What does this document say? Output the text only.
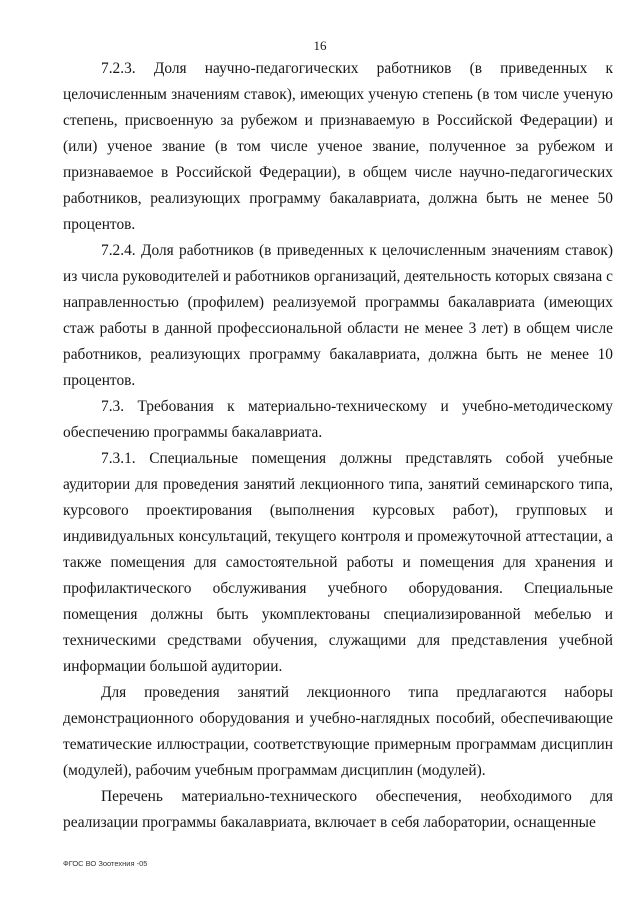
16

7.2.3. Доля научно-педагогических работников (в приведенных к целочисленным значениям ставок), имеющих ученую степень (в том числе ученую степень, присвоенную за рубежом и признаваемую в Российской Федерации) и (или) ученое звание (в том числе ученое звание, полученное за рубежом и признаваемое в Российской Федерации), в общем числе научно-педагогических работников, реализующих программу бакалавриата, должна быть не менее 50 процентов.

7.2.4. Доля работников (в приведенных к целочисленным значениям ставок) из числа руководителей и работников организаций, деятельность которых связана с направленностью (профилем) реализуемой программы бакалавриата (имеющих стаж работы в данной профессиональной области не менее 3 лет) в общем числе работников, реализующих программу бакалавриата, должна быть не менее 10 процентов.

7.3. Требования к материально-техническому и учебно-методическому обеспечению программы бакалавриата.

7.3.1. Специальные помещения должны представлять собой учебные аудитории для проведения занятий лекционного типа, занятий семинарского типа, курсового проектирования (выполнения курсовых работ), групповых и индивидуальных консультаций, текущего контроля и промежуточной аттестации, а также помещения для самостоятельной работы и помещения для хранения и профилактического обслуживания учебного оборудования. Специальные помещения должны быть укомплектованы специализированной мебелью и техническими средствами обучения, служащими для представления учебной информации большой аудитории.

Для проведения занятий лекционного типа предлагаются наборы демонстрационного оборудования и учебно-наглядных пособий, обеспечивающие тематические иллюстрации, соответствующие примерным программам дисциплин (модулей), рабочим учебным программам дисциплин (модулей).

Перечень материально-технического обеспечения, необходимого для реализации программы бакалавриата, включает в себя лаборатории, оснащенные

ФГОС ВО Зоотехния -05
